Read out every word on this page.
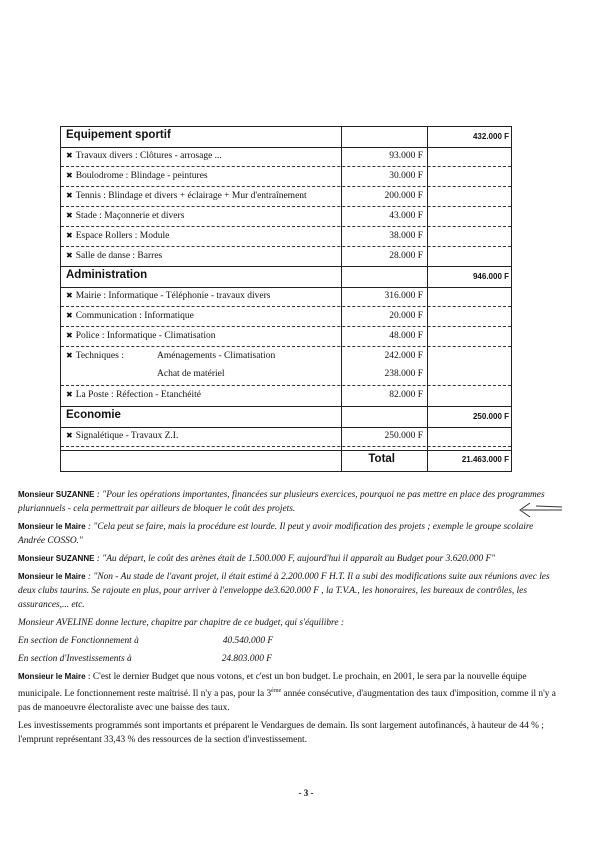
Equipement sportif	432.000 F
✖ Travaux divers : Clôtures - arrosage ...	93.000 F
✖ Boulodrome : Blindage - peintures	30.000 F
✖ Tennis : Blindage et divers + éclairage + Mur d'entraînement	200.000 F
✖ Stade : Maçonnerie et divers	43.000 F
✖ Espace Rollers : Module	38.000 F
✖ Salle de danse : Barres	28.000 F
Administration	946.000 F
✖ Mairie : Informatique - Téléphonie - travaux divers	316.000 F
✖ Communication : Informatique	20.000 F
✖ Police : Informatique - Climatisation	48.000 F
✖ Techniques :	Aménagements - Climatisation	242.000 F
Achat de matériel	238.000 F
✖ La Poste : Réfection - Etanchéité	82.000 F
Economie	250.000 F
✖ Signalétique - Travaux Z.I.	250.000 F
Total	21.463.000 F

Monsieur SUZANNE : "Pour les opérations importantes, financées sur plusieurs exercices, pourquoi ne pas mettre en place des programmes pluriannuels - cela permettrait par ailleurs de bloquer le coût des projets.

Monsieur le Maire : "Cela peut se faire, mais la procédure est lourde. Il peut y avoir modification des projets ; exemple le groupe scolaire Andrée COSSO."

Monsieur SUZANNE : "Au départ, le coût des arènes était de 1.500.000 F, aujourd'hui il apparaît au Budget pour 3.620.000 F"

Monsieur le Maire : "Non - Au stade de l'avant projet, il était estimé à 2.200.000 F H.T. Il a subi des modifications suite aux réunions avec les deux clubs taurins. Se rajoute en plus, pour arriver à l'enveloppe de3.620.000 F , la T.V.A., les honoraires, les bureaux de contrôles, les assurances,... etc.

Monsieur AVELINE donne lecture, chapitre par chapitre de ce budget, qui s'équilibre :

En section de Fonctionnement à	40.540.000 F

En section d'Investissements à	24.803.000 F

Monsieur le Maire : C'est le dernier Budget que nous votons, et c'est un bon budget. Le prochain, en 2001, le sera par la nouvelle équipe municipale. Le fonctionnement reste maîtrisé. Il n'y a pas, pour la 3ème année consécutive, d'augmentation des taux d'imposition, comme il n'y a pas de manoeuvre électoraliste avec une baisse des taux.

Les investissements programmés sont importants et préparent le Vendargues de demain. Ils sont largement autofinancés, à hauteur de 44 % ; l'emprunt représentant 33,43 % des ressources de la section d'investissement.

- 3 -
